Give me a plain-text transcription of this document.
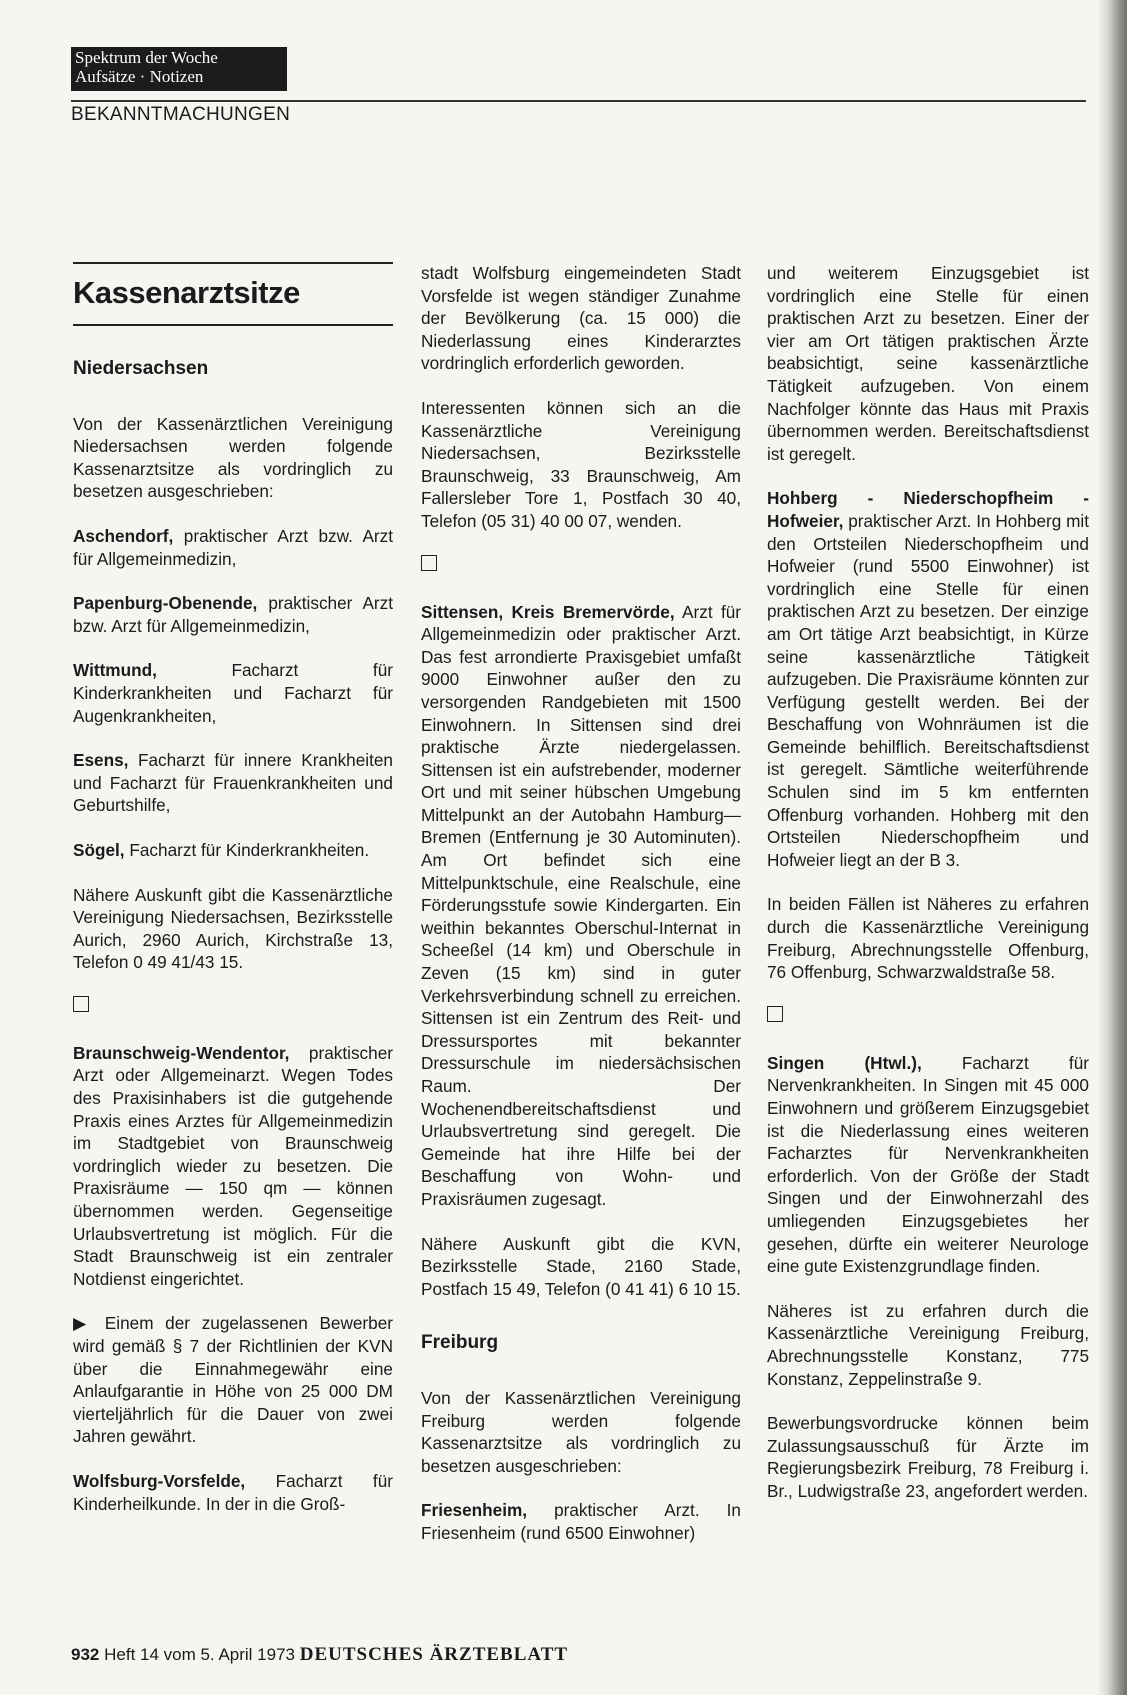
Spektrum der Woche
Aufsätze · Notizen
BEKANNTMACHUNGEN
Kassenarztsitze
Niedersachsen

Von der Kassenärztlichen Vereinigung Niedersachsen werden folgende Kassenarztsitze als vordringlich zu besetzen ausgeschrieben:

Aschendorf, praktischer Arzt bzw. Arzt für Allgemeinmedizin,

Papenburg-Obenende, praktischer Arzt bzw. Arzt für Allgemeinmedizin,

Wittmund, Facharzt für Kinderkrankheiten und Facharzt für Augenkrankheiten,

Esens, Facharzt für innere Krankheiten und Facharzt für Frauenkrankheiten und Geburtshilfe,

Sögel, Facharzt für Kinderkrankheiten.

Nähere Auskunft gibt die Kassenärztliche Vereinigung Niedersachsen, Bezirksstelle Aurich, 2960 Aurich, Kirchstraße 13, Telefon 0 49 41/43 15.

Braunschweig-Wendentor, praktischer Arzt oder Allgemeinarzt. Wegen Todes des Praxisinhabers ist die gutgehende Praxis eines Arztes für Allgemeinmedizin im Stadtgebiet von Braunschweig vordringlich wieder zu besetzen. Die Praxisräume — 150 qm — können übernommen werden. Gegenseitige Urlaubsvertretung ist möglich. Für die Stadt Braunschweig ist ein zentraler Notdienst eingerichtet.

▶ Einem der zugelassenen Bewerber wird gemäß § 7 der Richtlinien der KVN über die Einnahmegewähr eine Anlaufgarantie in Höhe von 25 000 DM vierteljährlich für die Dauer von zwei Jahren gewährt.

Wolfsburg-Vorsfelde, Facharzt für Kinderheilkunde. In der in die Groß-

stadt Wolfsburg eingemeindeten Stadt Vorsfelde ist wegen ständiger Zunahme der Bevölkerung (ca. 15 000) die Niederlassung eines Kinderarztes vordringlich erforderlich geworden.

Interessenten können sich an die Kassenärztliche Vereinigung Niedersachsen, Bezirksstelle Braunschweig, 33 Braunschweig, Am Fallersleber Tore 1, Postfach 30 40, Telefon (05 31) 40 00 07, wenden.

Sittensen, Kreis Bremervörde, Arzt für Allgemeinmedizin oder praktischer Arzt. Das fest arrondierte Praxisgebiet umfaßt 9000 Einwohner außer den zu versorgenden Randgebieten mit 1500 Einwohnern. In Sittensen sind drei praktische Ärzte niedergelassen. Sittensen ist ein aufstrebender, moderner Ort und mit seiner hübschen Umgebung Mittelpunkt an der Autobahn Hamburg—Bremen (Entfernung je 30 Autominuten). Am Ort befindet sich eine Mittelpunktschule, eine Realschule, eine Förderungsstufe sowie Kindergarten. Ein weithin bekanntes Oberschul-Internat in Scheeßel (14 km) und Oberschule in Zeven (15 km) sind in guter Verkehrsverbindung schnell zu erreichen. Sittensen ist ein Zentrum des Reit- und Dressursportes mit bekannter Dressurschule im niedersächsischen Raum. Der Wochenendbereitschaftsdienst und Urlaubsvertretung sind geregelt. Die Gemeinde hat ihre Hilfe bei der Beschaffung von Wohn- und Praxisräumen zugesagt.

Nähere Auskunft gibt die KVN, Bezirksstelle Stade, 2160 Stade, Postfach 15 49, Telefon (0 41 41) 6 10 15.

Freiburg

Von der Kassenärztlichen Vereinigung Freiburg werden folgende Kassenarztsitze als vordringlich zu besetzen ausgeschrieben:

Friesenheim, praktischer Arzt. In Friesenheim (rund 6500 Einwohner)

und weiterem Einzugsgebiet ist vordringlich eine Stelle für einen praktischen Arzt zu besetzen. Einer der vier am Ort tätigen praktischen Ärzte beabsichtigt, seine kassenärztliche Tätigkeit aufzugeben. Von einem Nachfolger könnte das Haus mit Praxis übernommen werden. Bereitschaftsdienst ist geregelt.

Hohberg - Niederschopfheim - Hofweier, praktischer Arzt. In Hohberg mit den Ortsteilen Niederschopfheim und Hofweier (rund 5500 Einwohner) ist vordringlich eine Stelle für einen praktischen Arzt zu besetzen. Der einzige am Ort tätige Arzt beabsichtigt, in Kürze seine kassenärztliche Tätigkeit aufzugeben. Die Praxisräume könnten zur Verfügung gestellt werden. Bei der Beschaffung von Wohnräumen ist die Gemeinde behilflich. Bereitschaftsdienst ist geregelt. Sämtliche weiterführende Schulen sind im 5 km entfernten Offenburg vorhanden. Hohberg mit den Ortsteilen Niederschopfheim und Hofweier liegt an der B 3.

In beiden Fällen ist Näheres zu erfahren durch die Kassenärztliche Vereinigung Freiburg, Abrechnungsstelle Offenburg, 76 Offenburg, Schwarzwaldstraße 58.

Singen (Htwl.), Facharzt für Nervenkrankheiten. In Singen mit 45 000 Einwohnern und größerem Einzugsgebiet ist die Niederlassung eines weiteren Facharztes für Nervenkrankheiten erforderlich. Von der Größe der Stadt Singen und der Einwohnerzahl des umliegenden Einzugsgebietes her gesehen, dürfte ein weiterer Neurologe eine gute Existenzgrundlage finden.

Näheres ist zu erfahren durch die Kassenärztliche Vereinigung Freiburg, Abrechnungsstelle Konstanz, 775 Konstanz, Zeppelinstraße 9.

Bewerbungsvordrucke können beim Zulassungsausschuß für Ärzte im Regierungsbezirk Freiburg, 78 Freiburg i. Br., Ludwigstraße 23, angefordert werden.

932 Heft 14 vom 5. April 1973 DEUTSCHES ÄRZTEBLATT
